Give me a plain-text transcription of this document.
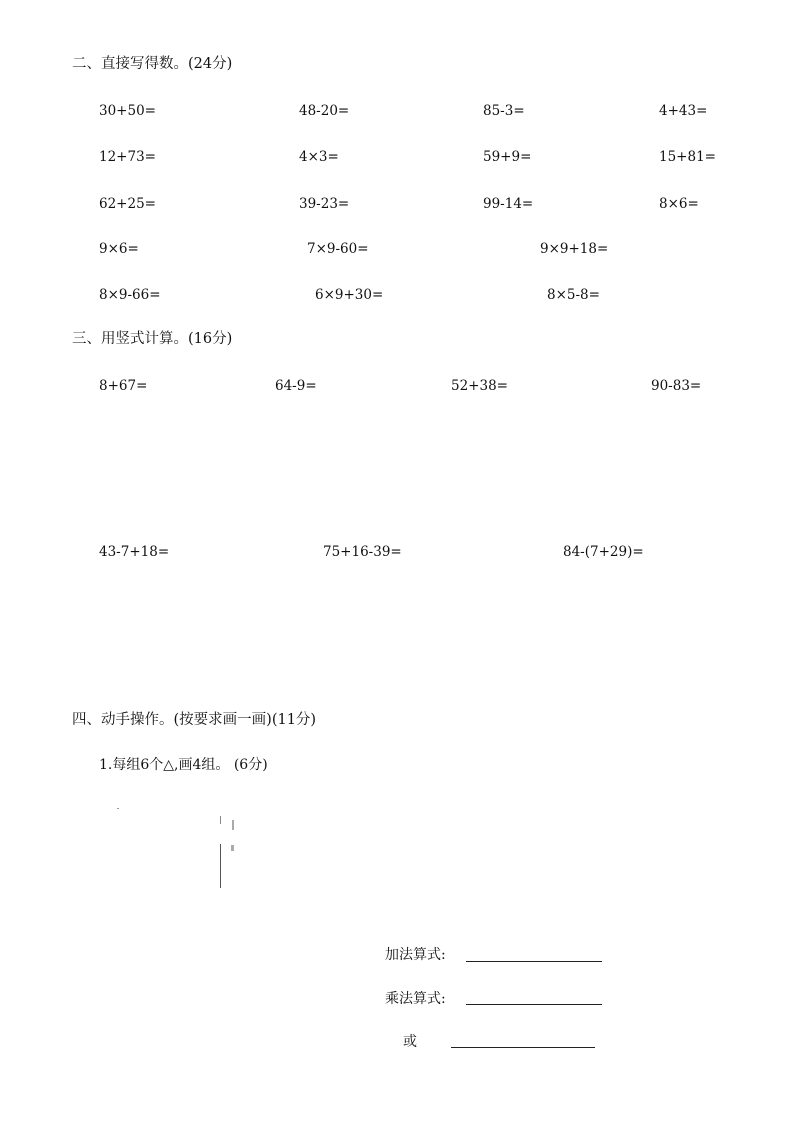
二、直接写得数。(24分)
30+50=	48-20=	85-3=	4+43=
12+73=	4×3=	59+9=	15+81=
62+25=	39-23=	99-14=	8×6=
9×6=	7×9-60=	9×9+18=
8×9-66=	6×9+30=	8×5-8=
三、用竖式计算。(16分)
8+67=	64-9=	52+38=	90-83=
43-7+18=	75+16-39=	84-(7+29)=
四、动手操作。(按要求画一画)(11分)
1.每组6个△,画4组。 (6分)
加法算式:
乘法算式:
或
